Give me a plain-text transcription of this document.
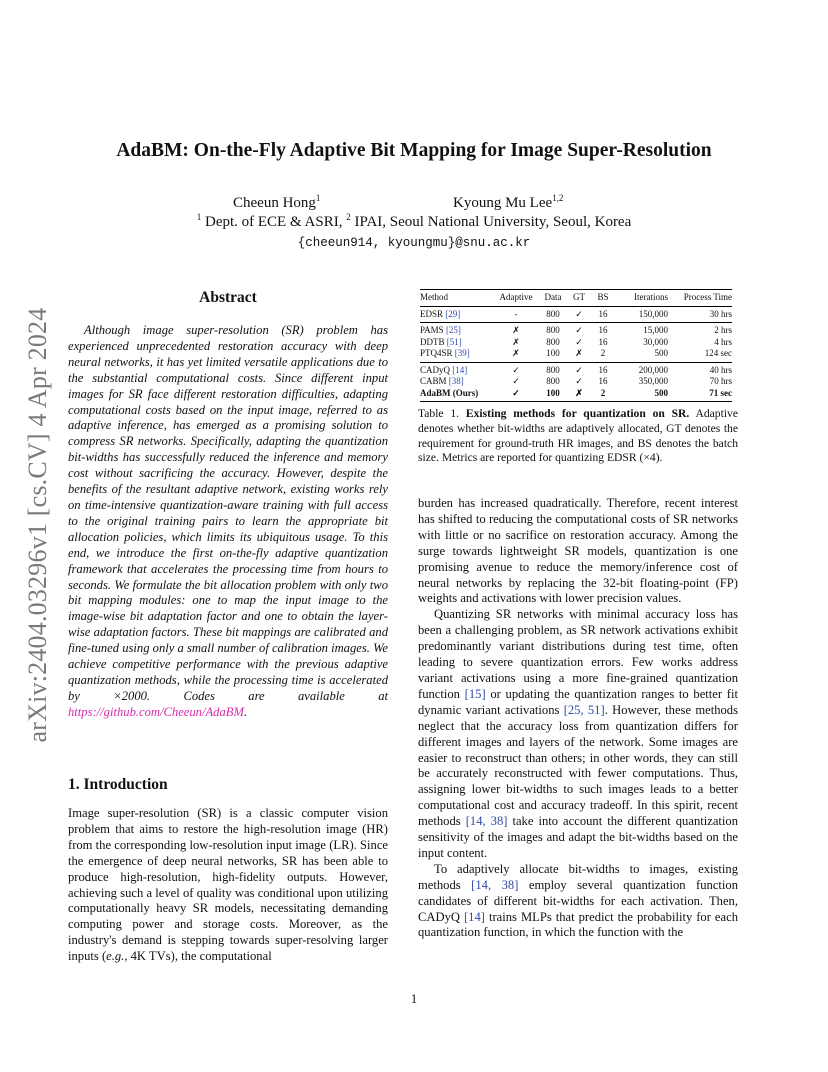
arXiv:2404.03296v1 [cs.CV] 4 Apr 2024
AdaBM: On-the-Fly Adaptive Bit Mapping for Image Super-Resolution
Cheeun Hong$^1$	Kyoung Mu Lee$^{1,2}$
$^1$ Dept. of ECE & ASRI, $^2$ IPAI, Seoul National University, Seoul, Korea
{cheeun914, kyoungmu}@snu.ac.kr
Abstract

Although image super-resolution (SR) problem has experienced unprecedented restoration accuracy with deep neural networks, it has yet limited versatile applications due to the substantial computational costs. Since different input images for SR face different restoration difficulties, adapting computational costs based on the input image, referred to as adaptive inference, has emerged as a promising solution to compress SR networks. Specifically, adapting the quantization bit-widths has successfully reduced the inference and memory cost without sacrificing the accuracy. However, despite the benefits of the resultant adaptive network, existing works rely on time-intensive quantization-aware training with full access to the original training pairs to learn the appropriate bit allocation policies, which limits its ubiquitous usage. To this end, we introduce the first on-the-fly adaptive quantization framework that accelerates the processing time from hours to seconds. We formulate the bit allocation problem with only two bit mapping modules: one to map the input image to the image-wise bit adaptation factor and one to obtain the layer-wise adaptation factors. These bit mappings are calibrated and fine-tuned using only a small number of calibration images. We achieve competitive performance with the previous adaptive quantization methods, while the processing time is accelerated by ×2000. Codes are available at https://github.com/Cheeun/AdaBM.

1. Introduction

Image super-resolution (SR) is a classic computer vision problem that aims to restore the high-resolution image (HR) from the corresponding low-resolution input image (LR). Since the emergence of deep neural networks, SR has been able to produce high-resolution, high-fidelity outputs. However, achieving such a level of quality was conditional upon utilizing computationally heavy SR models, necessitating demanding computing power and storage costs. Moreover, as the industry's demand is stepping towards super-resolving larger inputs (e.g., 4K TVs), the computational

Method	Adaptive	Data	GT	BS	Iterations	Process Time
EDSR [29]	-	800	✓	16	150,000	30 hrs
PAMS [25]	✗	800	✓	16	15,000	2 hrs
DDTB [51]	✗	800	✓	16	30,000	4 hrs
PTQ4SR [39]	✗	100	✗	2	500	124 sec
CADyQ [14]	✓	800	✓	16	200,000	40 hrs
CABM [38]	✓	800	✓	16	350,000	70 hrs
AdaBM (Ours)	✓	100	✗	2	500	71 sec

Table 1. Existing methods for quantization on SR. Adaptive denotes whether bit-widths are adaptively allocated, GT denotes the requirement for ground-truth HR images, and BS denotes the batch size. Metrics are reported for quantizing EDSR (×4).

burden has increased quadratically. Therefore, recent interest has shifted to reducing the computational costs of SR networks with little or no sacrifice on restoration accuracy. Among the surge towards lightweight SR models, quantization is one promising avenue to reduce the memory/inference cost of neural networks by replacing the 32-bit floating-point (FP) weights and activations with lower precision values.

Quantizing SR networks with minimal accuracy loss has been a challenging problem, as SR network activations exhibit predominantly variant distributions during test time, often leading to severe quantization errors. Few works address variant activations using a more fine-grained quantization function [15] or updating the quantization ranges to better fit dynamic variant activations [25, 51]. However, these methods neglect that the accuracy loss from quantization differs for different images and layers of the network. Some images are easier to reconstruct than others; in other words, they can still be accurately reconstructed with fewer computations. Thus, assigning lower bit-widths to such images leads to a better computational cost and accuracy tradeoff. In this spirit, recent methods [14, 38] take into account the different quantization sensitivity of the images and adapt the bit-widths based on the input content.

To adaptively allocate bit-widths to images, existing methods [14, 38] employ several quantization function candidates of different bit-widths for each activation. Then, CADyQ [14] trains MLPs that predict the probability for each quantization function, in which the function with the

1
